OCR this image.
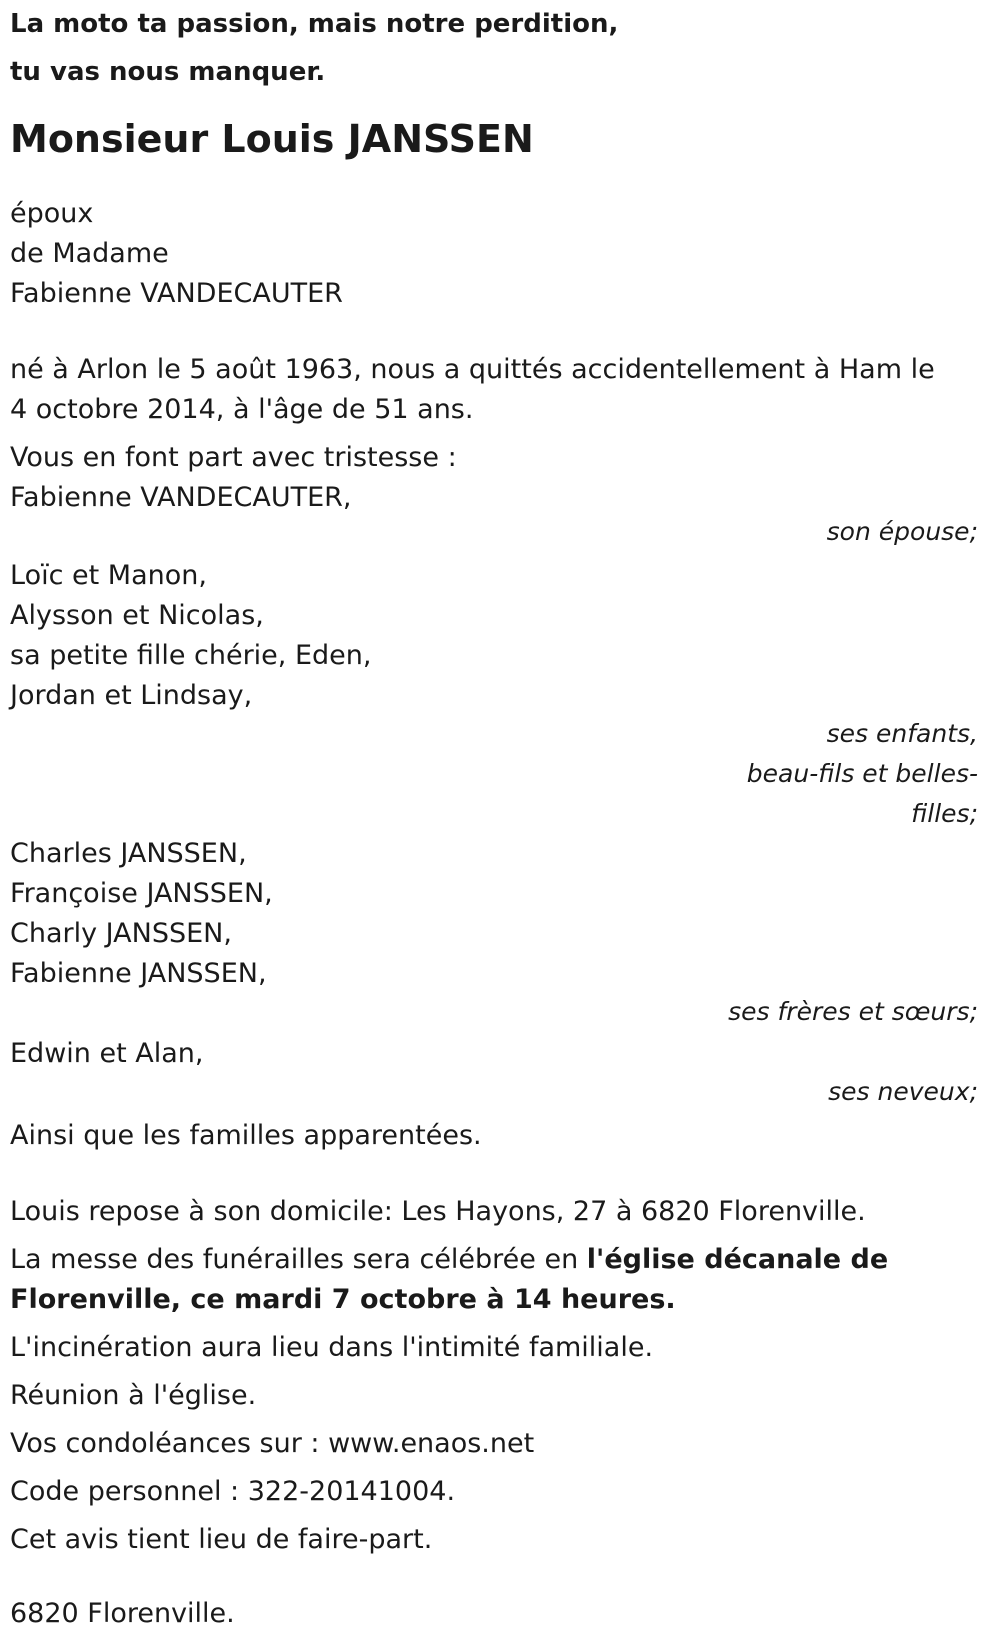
La moto ta passion, mais notre perdition,
tu vas nous manquer.
Monsieur Louis JANSSEN
époux
de Madame
Fabienne VANDECAUTER
né à Arlon le 5 août 1963, nous a quittés accidentellement à Ham le 4 octobre 2014, à l'âge de 51 ans.
Vous en font part avec tristesse :
Fabienne VANDECAUTER,
son épouse;
Loïc et Manon,
Alysson et Nicolas,
sa petite fille chérie, Eden,
Jordan et Lindsay,
ses enfants,
beau-fils et belles-
filles;
Charles JANSSEN,
Françoise JANSSEN,
Charly JANSSEN,
Fabienne JANSSEN,
ses frères et sœurs;
Edwin et Alan,
ses neveux;
Ainsi que les familles apparentées.
Louis repose à son domicile: Les Hayons, 27 à 6820 Florenville.
La messe des funérailles sera célébrée en l'église décanale de Florenville, ce mardi 7 octobre à 14 heures.
L'incinération aura lieu dans l'intimité familiale.
Réunion à l'église.
Vos condoléances sur : www.enaos.net
Code personnel : 322-20141004.
Cet avis tient lieu de faire-part.
6820 Florenville.
